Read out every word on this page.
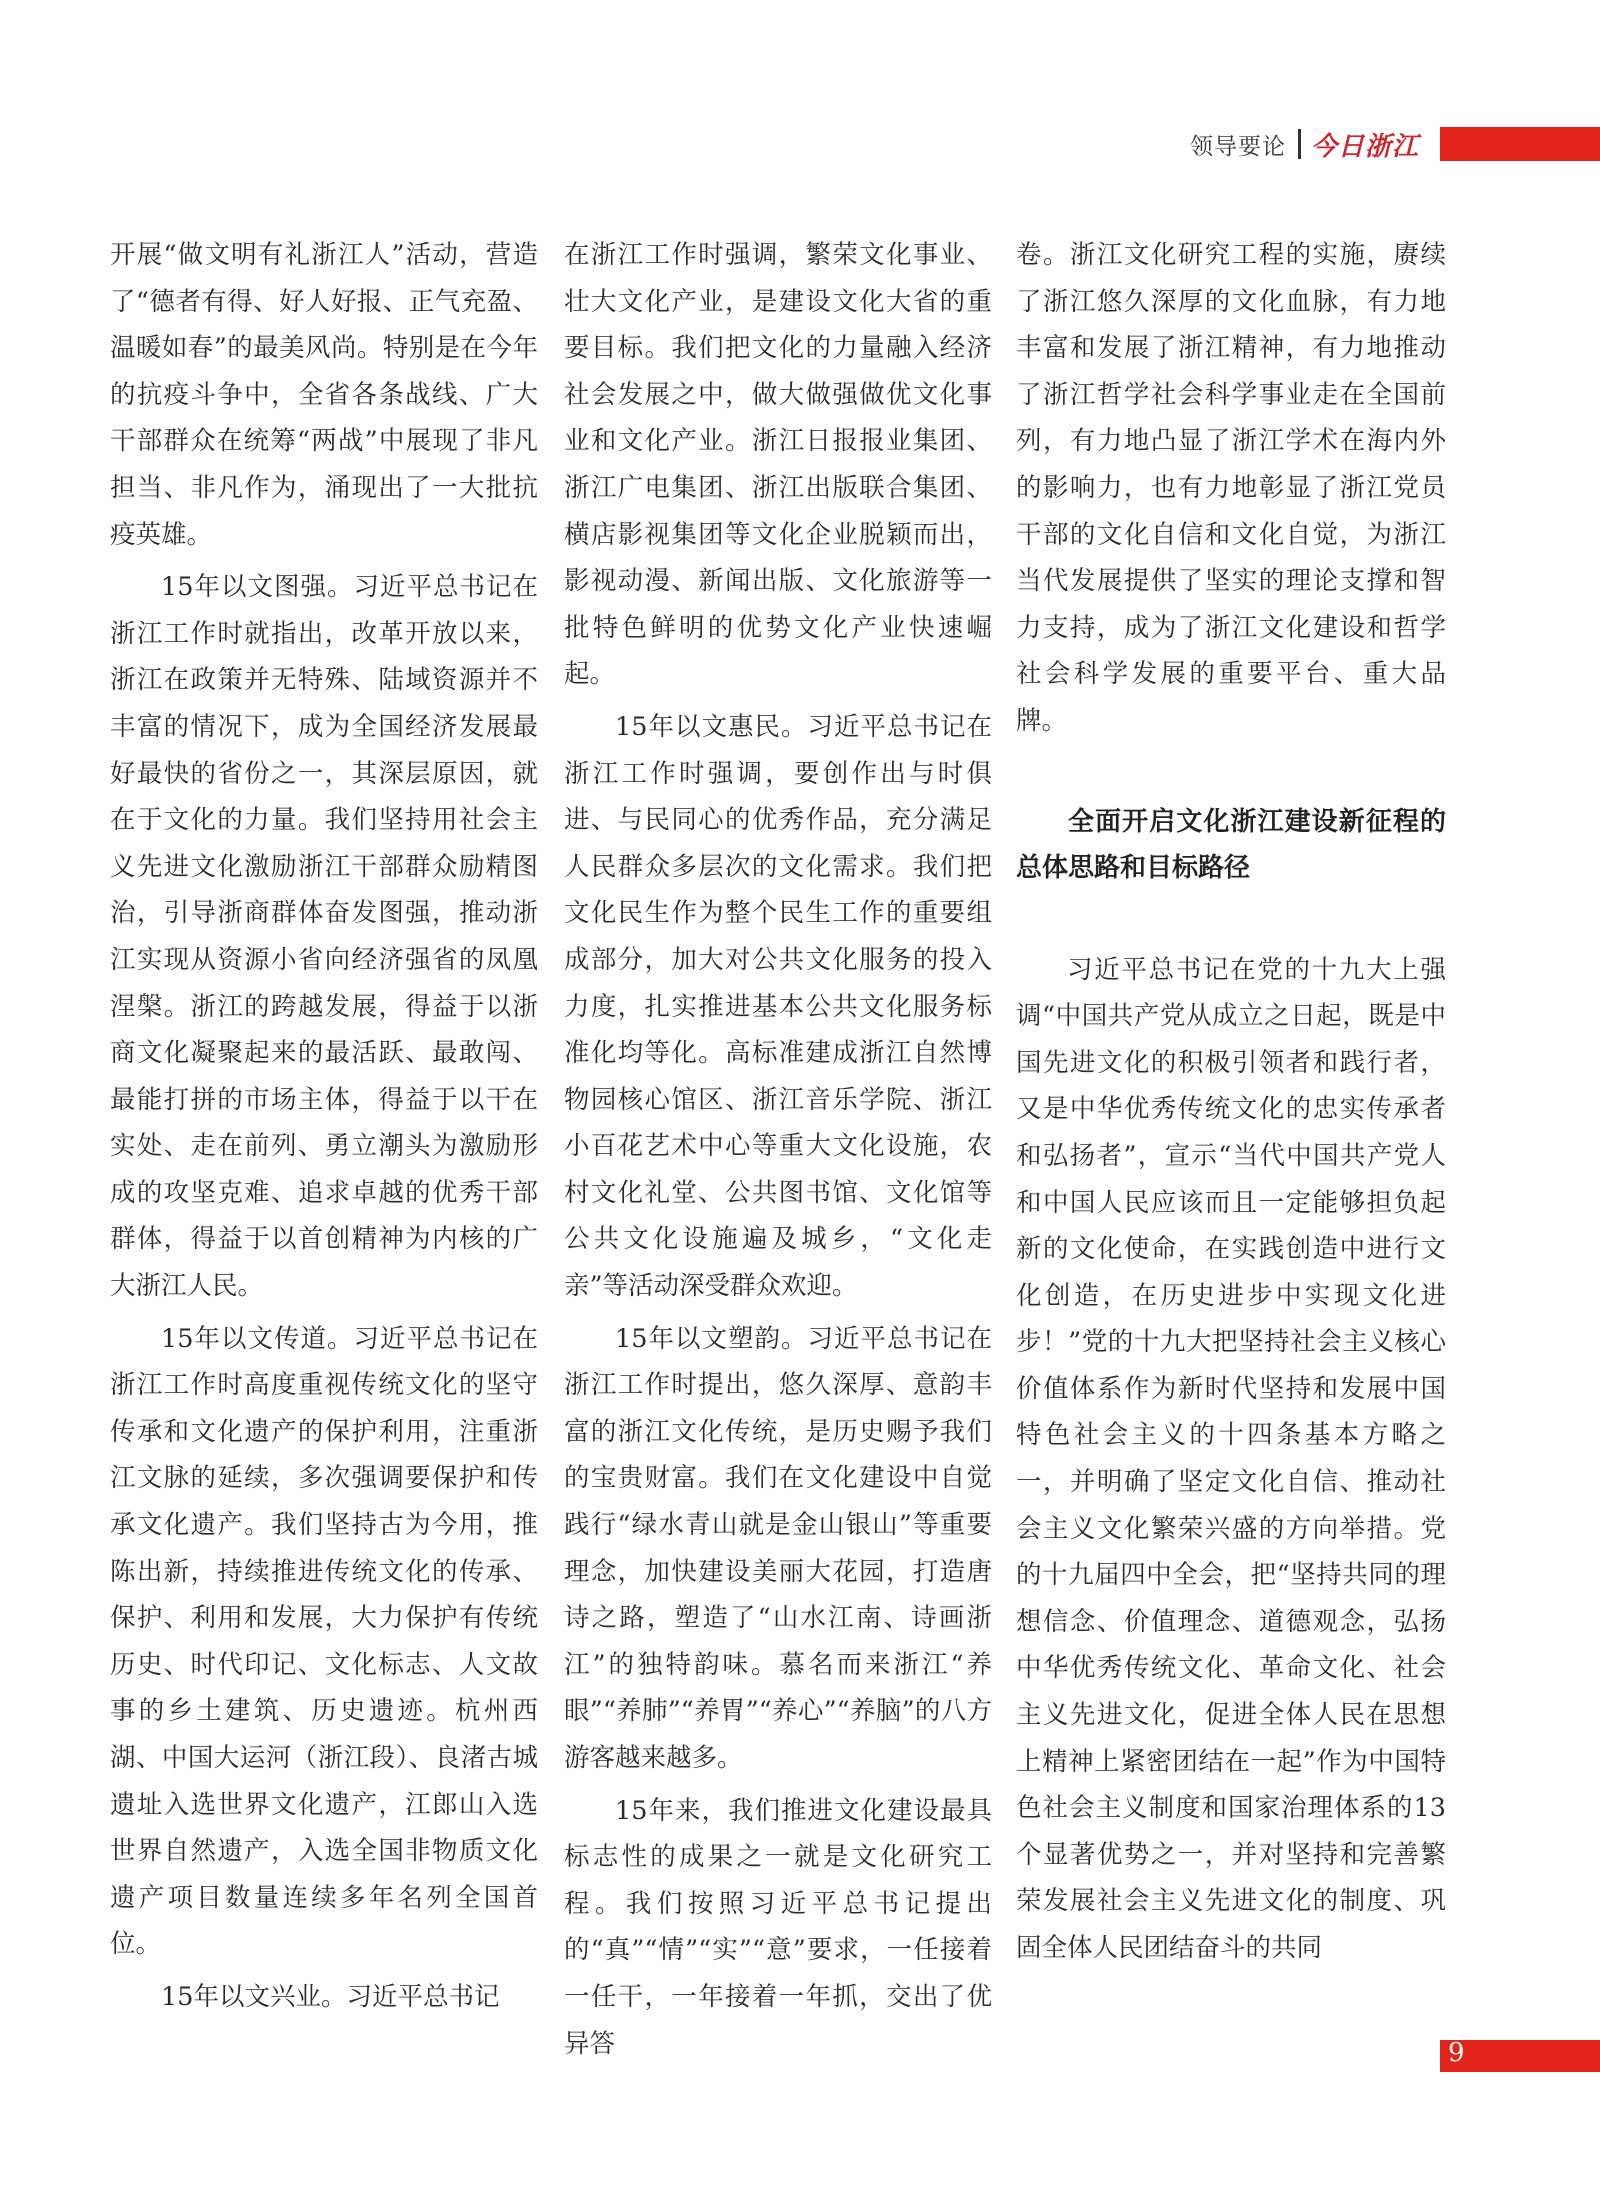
领导要论 今日浙江

开展“做文明有礼浙江人”活动，营造了“德者有得、好人好报、正气充盈、温暖如春”的最美风尚。特别是在今年的抗疫斗争中，全省各条战线、广大干部群众在统筹“两战”中展现了非凡担当、非凡作为，涌现出了一大批抗疫英雄。

15年以文图强。习近平总书记在浙江工作时就指出，改革开放以来，浙江在政策并无特殊、陆域资源并不丰富的情况下，成为全国经济发展最好最快的省份之一，其深层原因，就在于文化的力量。我们坚持用社会主义先进文化激励浙江干部群众励精图治，引导浙商群体奋发图强，推动浙江实现从资源小省向经济强省的凤凰涅槃。浙江的跨越发展，得益于以浙商文化凝聚起来的最活跃、最敢闯、最能打拼的市场主体，得益于以干在实处、走在前列、勇立潮头为激励形成的攻坚克难、追求卓越的优秀干部群体，得益于以首创精神为内核的广大浙江人民。

15年以文传道。习近平总书记在浙江工作时高度重视传统文化的坚守传承和文化遗产的保护利用，注重浙江文脉的延续，多次强调要保护和传承文化遗产。我们坚持古为今用，推陈出新，持续推进传统文化的传承、保护、利用和发展，大力保护有传统历史、时代印记、文化标志、人文故事的乡土建筑、历史遗迹。杭州西湖、中国大运河（浙江段）、良渚古城遗址入选世界文化遗产，江郎山入选世界自然遗产，入选全国非物质文化遗产项目数量连续多年名列全国首位。

15年以文兴业。习近平总书记

在浙江工作时强调，繁荣文化事业、壮大文化产业，是建设文化大省的重要目标。我们把文化的力量融入经济社会发展之中，做大做强做优文化事业和文化产业。浙江日报报业集团、浙江广电集团、浙江出版联合集团、横店影视集团等文化企业脱颖而出，影视动漫、新闻出版、文化旅游等一批特色鲜明的优势文化产业快速崛起。

15年以文惠民。习近平总书记在浙江工作时强调，要创作出与时俱进、与民同心的优秀作品，充分满足人民群众多层次的文化需求。我们把文化民生作为整个民生工作的重要组成部分，加大对公共文化服务的投入力度，扎实推进基本公共文化服务标准化均等化。高标准建成浙江自然博物园核心馆区、浙江音乐学院、浙江小百花艺术中心等重大文化设施，农村文化礼堂、公共图书馆、文化馆等公共文化设施遍及城乡，“文化走亲”等活动深受群众欢迎。

15年以文塑韵。习近平总书记在浙江工作时提出，悠久深厚、意韵丰富的浙江文化传统，是历史赐予我们的宝贵财富。我们在文化建设中自觉践行“绿水青山就是金山银山”等重要理念，加快建设美丽大花园，打造唐诗之路，塑造了“山水江南、诗画浙江”的独特韵味。慕名而来浙江“养眼”“养肺”“养胃”“养心”“养脑”的八方游客越来越多。

15年来，我们推进文化建设最具标志性的成果之一就是文化研究工程。我们按照习近平总书记提出的“真”“情”“实”“意”要求，一任接着一任干，一年接着一年抓，交出了优异答

卷。浙江文化研究工程的实施，赓续了浙江悠久深厚的文化血脉，有力地丰富和发展了浙江精神，有力地推动了浙江哲学社会科学事业走在全国前列，有力地凸显了浙江学术在海内外的影响力，也有力地彰显了浙江党员干部的文化自信和文化自觉，为浙江当代发展提供了坚实的理论支撑和智力支持，成为了浙江文化建设和哲学社会科学发展的重要平台、重大品牌。

全面开启文化浙江建设新征程的总体思路和目标路径

习近平总书记在党的十九大上强调“中国共产党从成立之日起，既是中国先进文化的积极引领者和践行者，又是中华优秀传统文化的忠实传承者和弘扬者”，宣示“当代中国共产党人和中国人民应该而且一定能够担负起新的文化使命，在实践创造中进行文化创造，在历史进步中实现文化进步！”党的十九大把坚持社会主义核心价值体系作为新时代坚持和发展中国特色社会主义的十四条基本方略之一，并明确了坚定文化自信、推动社会主义文化繁荣兴盛的方向举措。党的十九届四中全会，把“坚持共同的理想信念、价值理念、道德观念，弘扬中华优秀传统文化、革命文化、社会主义先进文化，促进全体人民在思想上精神上紧密团结在一起”作为中国特色社会主义制度和国家治理体系的13个显著优势之一，并对坚持和完善繁荣发展社会主义先进文化的制度、巩固全体人民团结奋斗的共同

9
